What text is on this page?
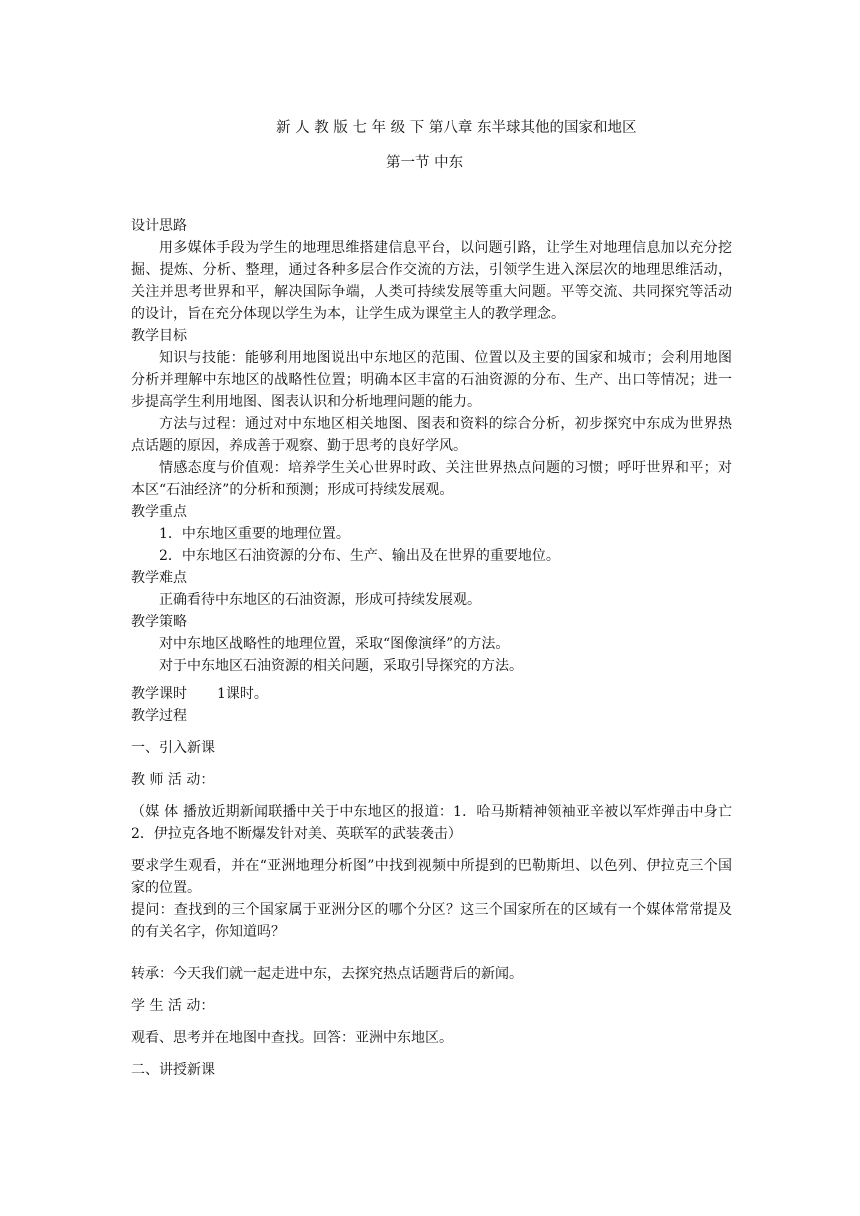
新 人 教 版 七 年 级 下 第八章 东半球其他的国家和地区
第一节 中东
设计思路
用多媒体手段为学生的地理思维搭建信息平台，以问题引路，让学生对地理信息加以充分挖掘、提炼、分析、整理，通过各种多层合作交流的方法，引领学生进入深层次的地理思维活动，关注并思考世界和平，解决国际争端，人类可持续发展等重大问题。平等交流、共同探究等活动的设计，旨在充分体现以学生为本，让学生成为课堂主人的教学理念。
教学目标
知识与技能：能够利用地图说出中东地区的范围、位置以及主要的国家和城市；会利用地图分析并理解中东地区的战略性位置；明确本区丰富的石油资源的分布、生产、出口等情况；进一步提高学生利用地图、图表认识和分析地理问题的能力。
方法与过程：通过对中东地区相关地图、图表和资料的综合分析，初步探究中东成为世界热点话题的原因，养成善于观察、勤于思考的良好学风。
情感态度与价值观：培养学生关心世界时政、关注世界热点问题的习惯；呼吁世界和平；对本区“石油经济”的分析和预测；形成可持续发展观。
教学重点
1．中东地区重要的地理位置。
2．中东地区石油资源的分布、生产、输出及在世界的重要地位。
教学难点
正确看待中东地区的石油资源，形成可持续发展观。
教学策略
对中东地区战略性的地理位置，采取“图像演绎”的方法。
对于中东地区石油资源的相关问题，采取引导探究的方法。
教学课时 1课时。
教学过程
一、引入新课
教 师 活 动：
（媒 体 播放近期新闻联播中关于中东地区的报道：1．哈马斯精神领袖亚辛被以军炸弹击中身亡 2．伊拉克各地不断爆发针对美、英联军的武装袭击）
要求学生观看，并在“亚洲地理分析图”中找到视频中所提到的巴勒斯坦、以色列、伊拉克三个国家的位置。
提问：查找到的三个国家属于亚洲分区的哪个分区？这三个国家所在的区域有一个媒体常常提及的有关名字，你知道吗？
转承：今天我们就一起走进中东，去探究热点话题背后的新闻。
学 生 活 动：
观看、思考并在地图中查找。回答：亚洲中东地区。
二、讲授新课
